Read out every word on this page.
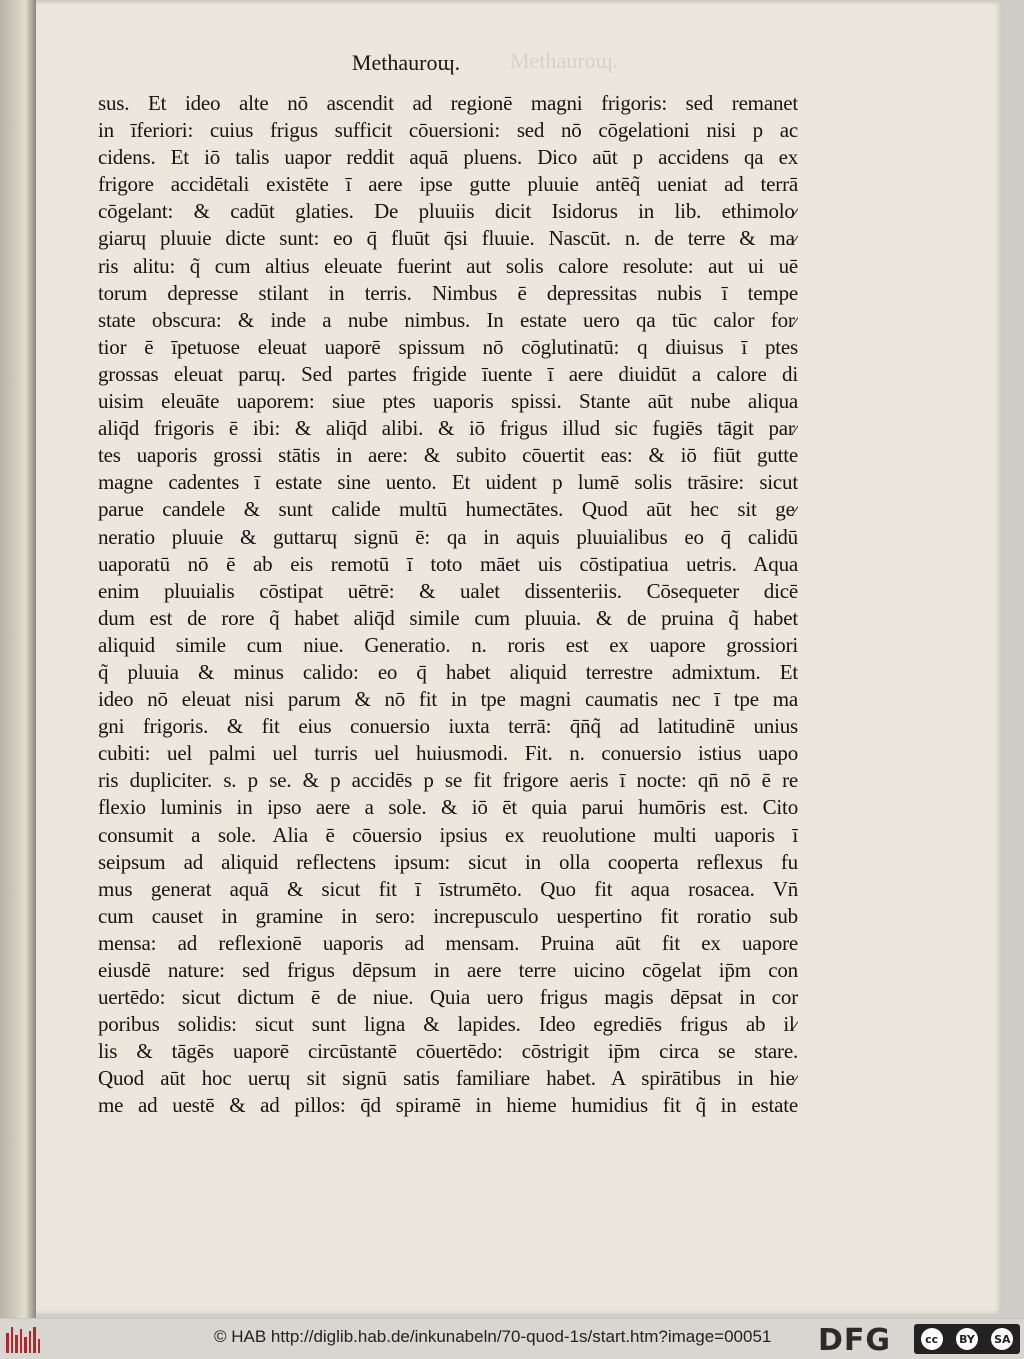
Methauroɰ.	Methauroɰ.
sus. Et ideo alte nō ascendit ad regionē magni frigoris: sed remanet
in īferiori: cuius frigus sufficit cōuersioni: sed nō cōgelationi nisi p ac
cidens. Et iō talis uapor reddit aquā pluens. Dico aūt p accidens qa ex
frigore accidētali existēte ī aere ipse gutte pluuie antēq̃ ueniat ad terrā
cōgelant: & cadūt glaties. De pluuiis dicit Isidorus in lib. ethimolo⁄
giarɰ pluuie dicte sunt: eo q̄ fluūt q̄si fluuie. Nascūt. n. de terre & ma⁄
ris alitu: q̃ cum altius eleuate fuerint aut solis calore resolute: aut ui uē
torum depresse stilant in terris. Nimbus ē depressitas nubis ī tempe
state obscura: & inde a nube nimbus. In estate uero qa tūc calor for⁄
tior ē īpetuose eleuat uaporē spissum nō cōglutinatū: q diuisus ī ptes
grossas eleuat parɰ. Sed partes frigide īuente ī aere diuidūt a calore di
uisim eleuāte uaporem: siue ptes uaporis spissi. Stante aūt nube aliqua
aliq̄d frigoris ē ibi: & aliq̄d alibi. & iō frigus illud sic fugiēs tāgit par⁄
tes uaporis grossi stātis in aere: & subito cōuertit eas: & iō fiūt gutte
magne cadentes ī estate sine uento. Et uident p lumē solis trāsire: sicut
parue candele & sunt calide multū humectātes. Quod aūt hec sit ge⁄
neratio pluuie & guttarɰ signū ē: qa in aquis pluuialibus eo q̄ calidū
uaporatū nō ē ab eis remotū ī toto māet uis cōstipatiua uetris. Aqua
enim pluuialis cōstipat uētrē: & ualet dissenteriis. Cōsequeter dicē
dum est de rore q̃ habet aliq̄d simile cum pluuia. & de pruina q̃ habet
aliquid simile cum niue. Generatio. n. roris est ex uapore grossiori
q̃ pluuia & minus calido: eo q̄ habet aliquid terrestre admixtum. Et
ideo nō eleuat nisi parum & nō fit in tpe magni caumatis nec ī tpe ma
gni frigoris. & fit eius conuersio iuxta terrā: q̄n̄q̃ ad latitudinē unius
cubiti: uel palmi uel turris uel huiusmodi. Fit. n. conuersio istius uapo
ris dupliciter. s. p se. & p accidēs p se fit frigore aeris ī nocte: qn̄ nō ē re
flexio luminis in ipso aere a sole. & iō ēt quia parui humōris est. Cito
consumit a sole. Alia ē cōuersio ipsius ex reuolutione multi uaporis ī
seipsum ad aliquid reflectens ipsum: sicut in olla cooperta reflexus fu
mus generat aquā & sicut fit ī īstrumēto. Quo fit aqua rosacea. Vn̄
cum causet in gramine in sero: increpusculo uespertino fit roratio sub
mensa: ad reflexionē uaporis ad mensam. Pruina aūt fit ex uapore
eiusdē nature: sed frigus dēpsum in aere terre uicino cōgelat ip̄m con
uertēdo: sicut dictum ē de niue. Quia uero frigus magis dēpsat in cor
poribus solidis: sicut sunt ligna & lapides. Ideo egrediēs frigus ab il⁄
lis & tāgēs uaporē circūstantē cōuertēdo: cōstrigit ip̄m circa se stare.
Quod aūt hoc uerɰ sit signū satis familiare habet. A spirātibus in hie⁄
me ad uestē & ad pillos: q̄d spiramē in hieme humidius fit q̃ in estate
© HAB http://diglib.hab.de/inkunabeln/70-quod-1s/start.htm?image=00051 DFG	cc	BY SA
